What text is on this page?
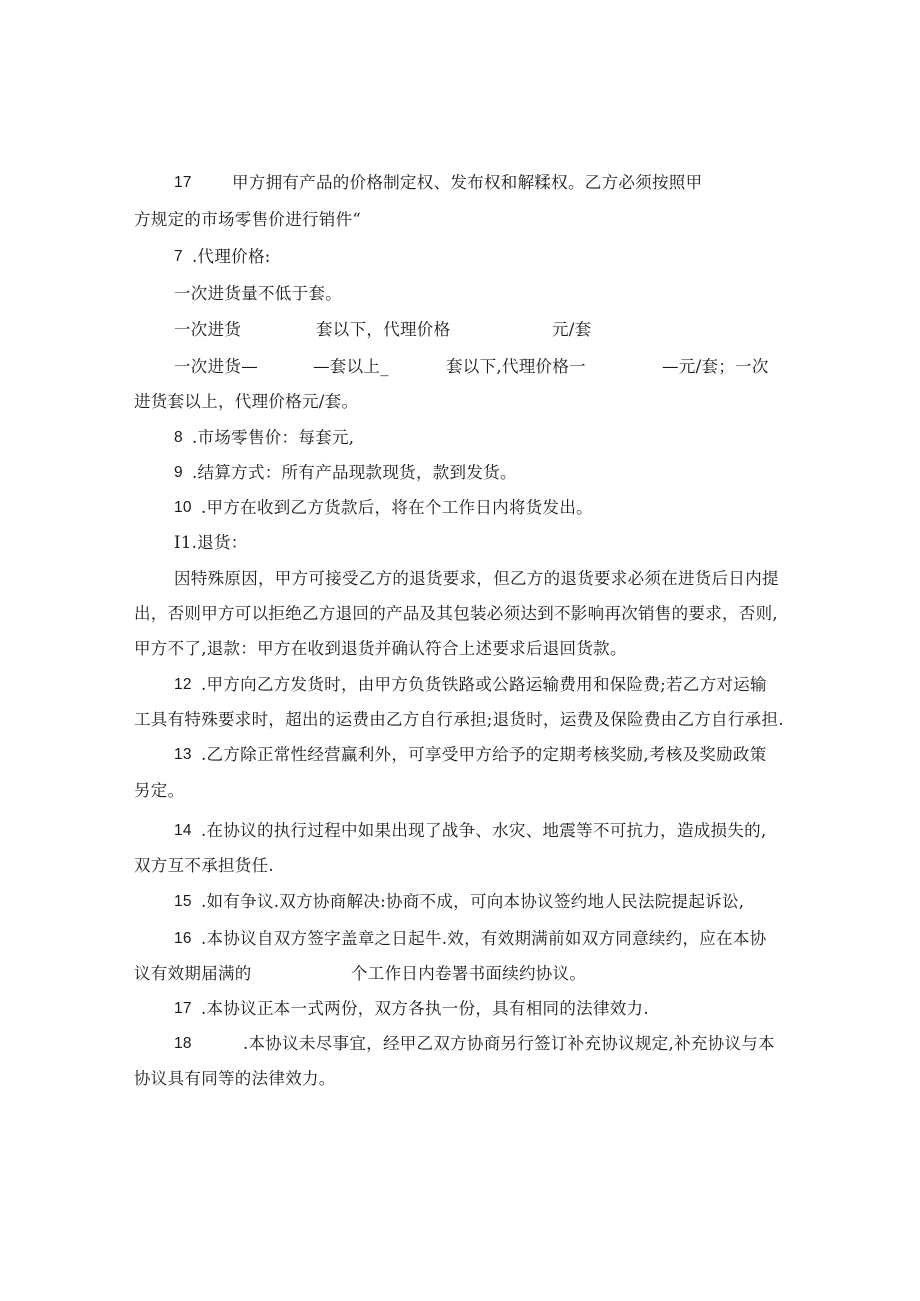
17 甲方拥有产品的价格制定权、发布权和解糅权。乙方必须按照甲
方规定的市场零售价进行销件“
7 .代理价格:
一次进货量不低于套。
一次进货	套以下，代理价格	元/套
一次进货—	—套以上_	套以下,代理价格一	—元/套；一次
进货套以上，代理价格元/套。
8 .市场零售价：每套元,
9 .结算方式：所有产品现款现货，款到发货。
10 .甲方在收到乙方货款后，将在个工作日内将货发出。
I1.退货：
因特殊原因，甲方可接受乙方的退货要求，但乙方的退货要求必须在进货后日内提
出，否则甲方可以拒绝乙方退回的产品及其包装必须达到不影响再次销售的要求，否则,
甲方不了,退款：甲方在收到退货并确认符合上述要求后退回货款。
12 .甲方向乙方发货时，由甲方负货铁路或公路运输费用和保险费;若乙方对运输
工具有特殊要求时，超出的运费由乙方自行承担;退货时，运费及保险费由乙方自行承担.
13 .乙方除正常性经营赢利外，可享受甲方给予的定期考核奖励,考核及奖励政策
另定。
14 .在协议的执行过程中如果出现了战争、水灾、地震等不可抗力，造成损失的,
双方互不承担货任.
15 .如有争议.双方协商解决:协商不成，可向本协议签约地人民法院提起诉讼,
16 .本协议自双方签字盖章之日起牛.效，有效期满前如双方同意续约，应在本协
议有效期届满的	个工作日内卷署书面续约协议。
17 .本协议正本一式两份，双方各执一份，具有相同的法律效力.
18	.本协议未尽事宜，经甲乙双方协商另行签订补充协议规定,补充协议与本
协议具有同等的法律效力。
